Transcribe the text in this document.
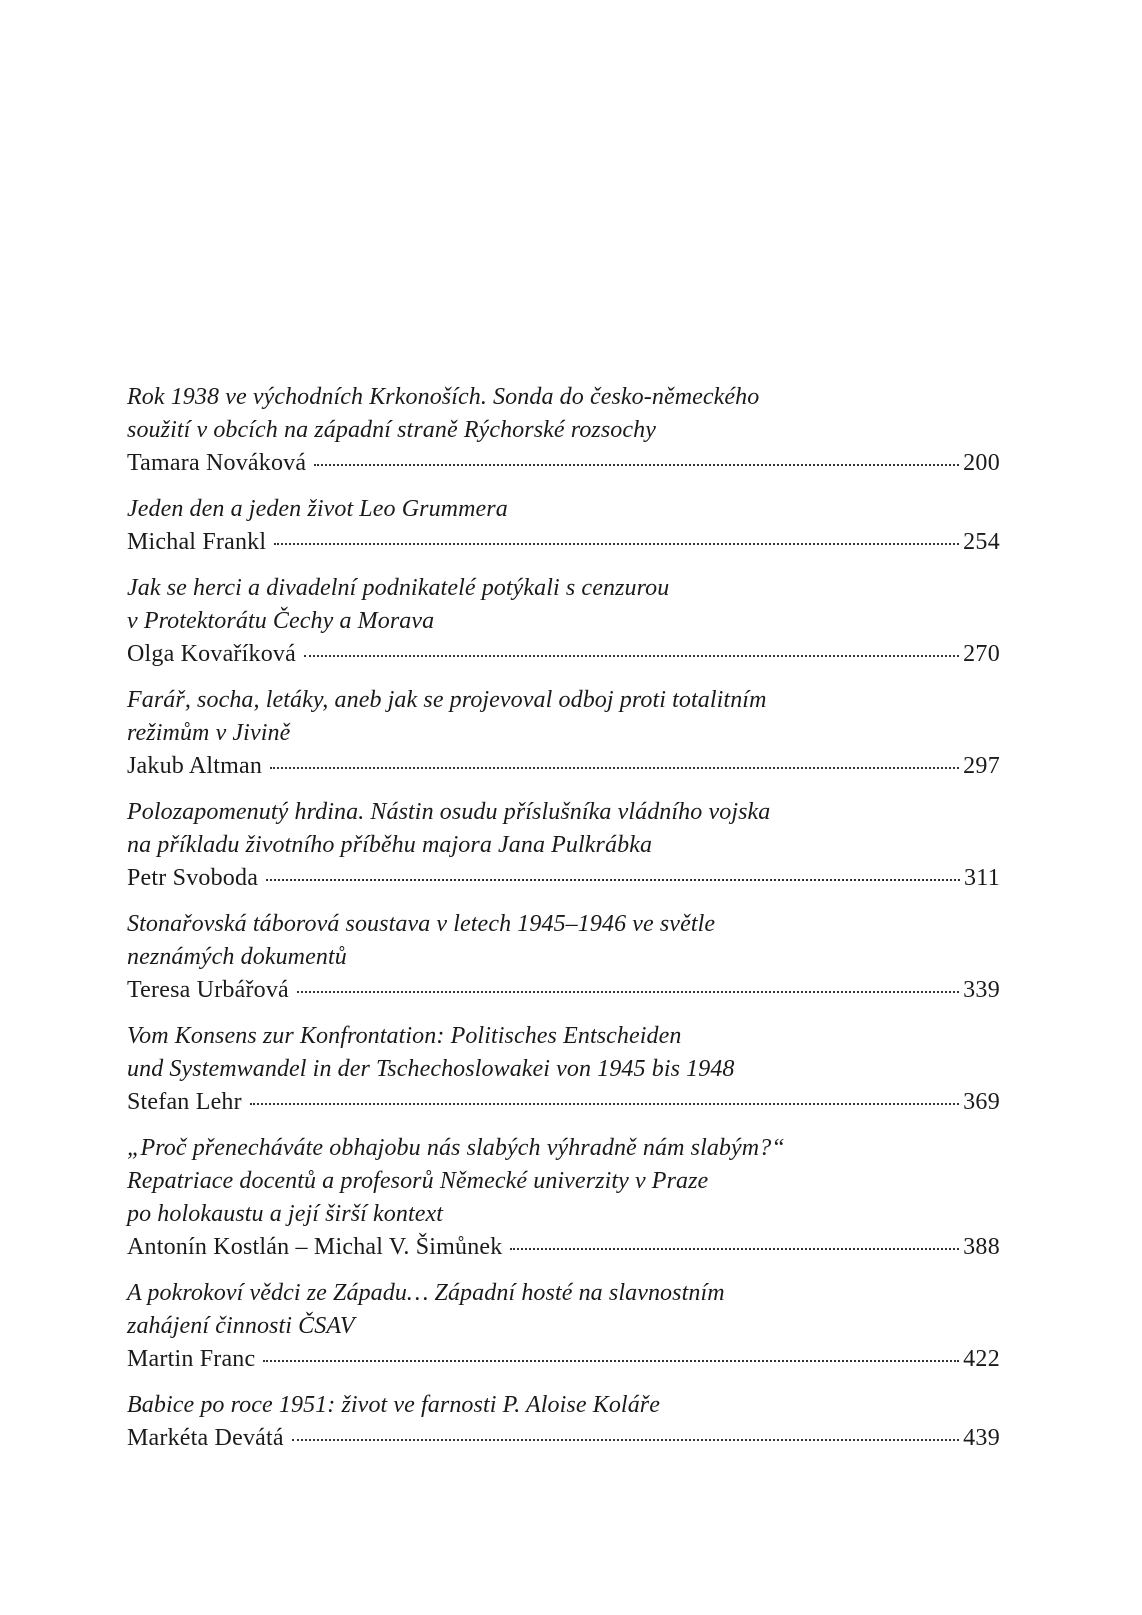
Rok 1938 ve východních Krkonoších. Sonda do česko-německého
soužití v obcích na západní straně Rýchorské rozsochy
Tamara Nováková	200
Jeden den a jeden život Leo Grummera
Michal Frankl	254
Jak se herci a divadelní podnikatelé potýkali s cenzurou
v Protektorátu Čechy a Morava
Olga Kovaříková	270
Farář, socha, letáky, aneb jak se projevoval odboj proti totalitním
režimům v Jivině
Jakub Altman	297
Polozapomenutý hrdina. Nástin osudu příslušníka vládního vojska
na příkladu životního příběhu majora Jana Pulkrábka
Petr Svoboda	311
Stonařovská táborová soustava v letech 1945–1946 ve světle
neznámých dokumentů
Teresa Urbářová	339
Vom Konsens zur Konfrontation: Politisches Entscheiden
und Systemwandel in der Tschechoslowakei von 1945 bis 1948
Stefan Lehr	369
„Proč přenecháváte obhajobu nás slabých výhradně nám slabým?“
Repatriace docentů a profesorů Německé univerzity v Praze
po holokaustu a její širší kontext
Antonín Kostlán – Michal V. Šimůnek	388
A pokrokoví vědci ze Západu… Západní hosté na slavnostním
zahájení činnosti ČSAV
Martin Franc	422
Babice po roce 1951: život ve farnosti P. Aloise Koláře
Markéta Devátá	439
